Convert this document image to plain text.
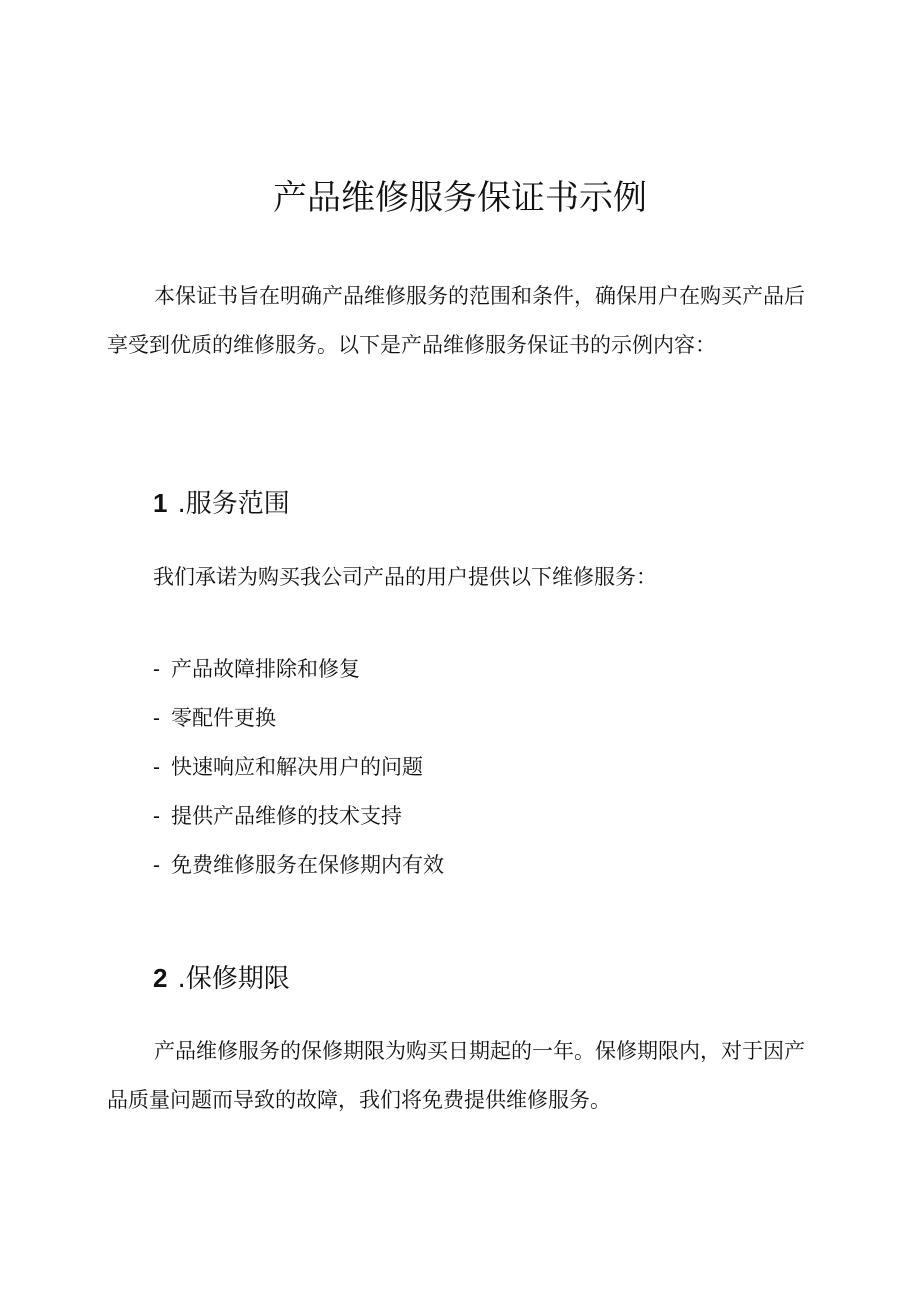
产品维修服务保证书示例

本保证书旨在明确产品维修服务的范围和条件，确保用户在购买产品后享受到优质的维修服务。以下是产品维修服务保证书的示例内容：

1 .服务范围
我们承诺为购买我公司产品的用户提供以下维修服务：
- 产品故障排除和修复
- 零配件更换
- 快速响应和解决用户的问题
- 提供产品维修的技术支持
- 免费维修服务在保修期内有效
2 .保修期限

产品维修服务的保修期限为购买日期起的一年。保修期限内，对于因产品质量问题而导致的故障，我们将免费提供维修服务。
